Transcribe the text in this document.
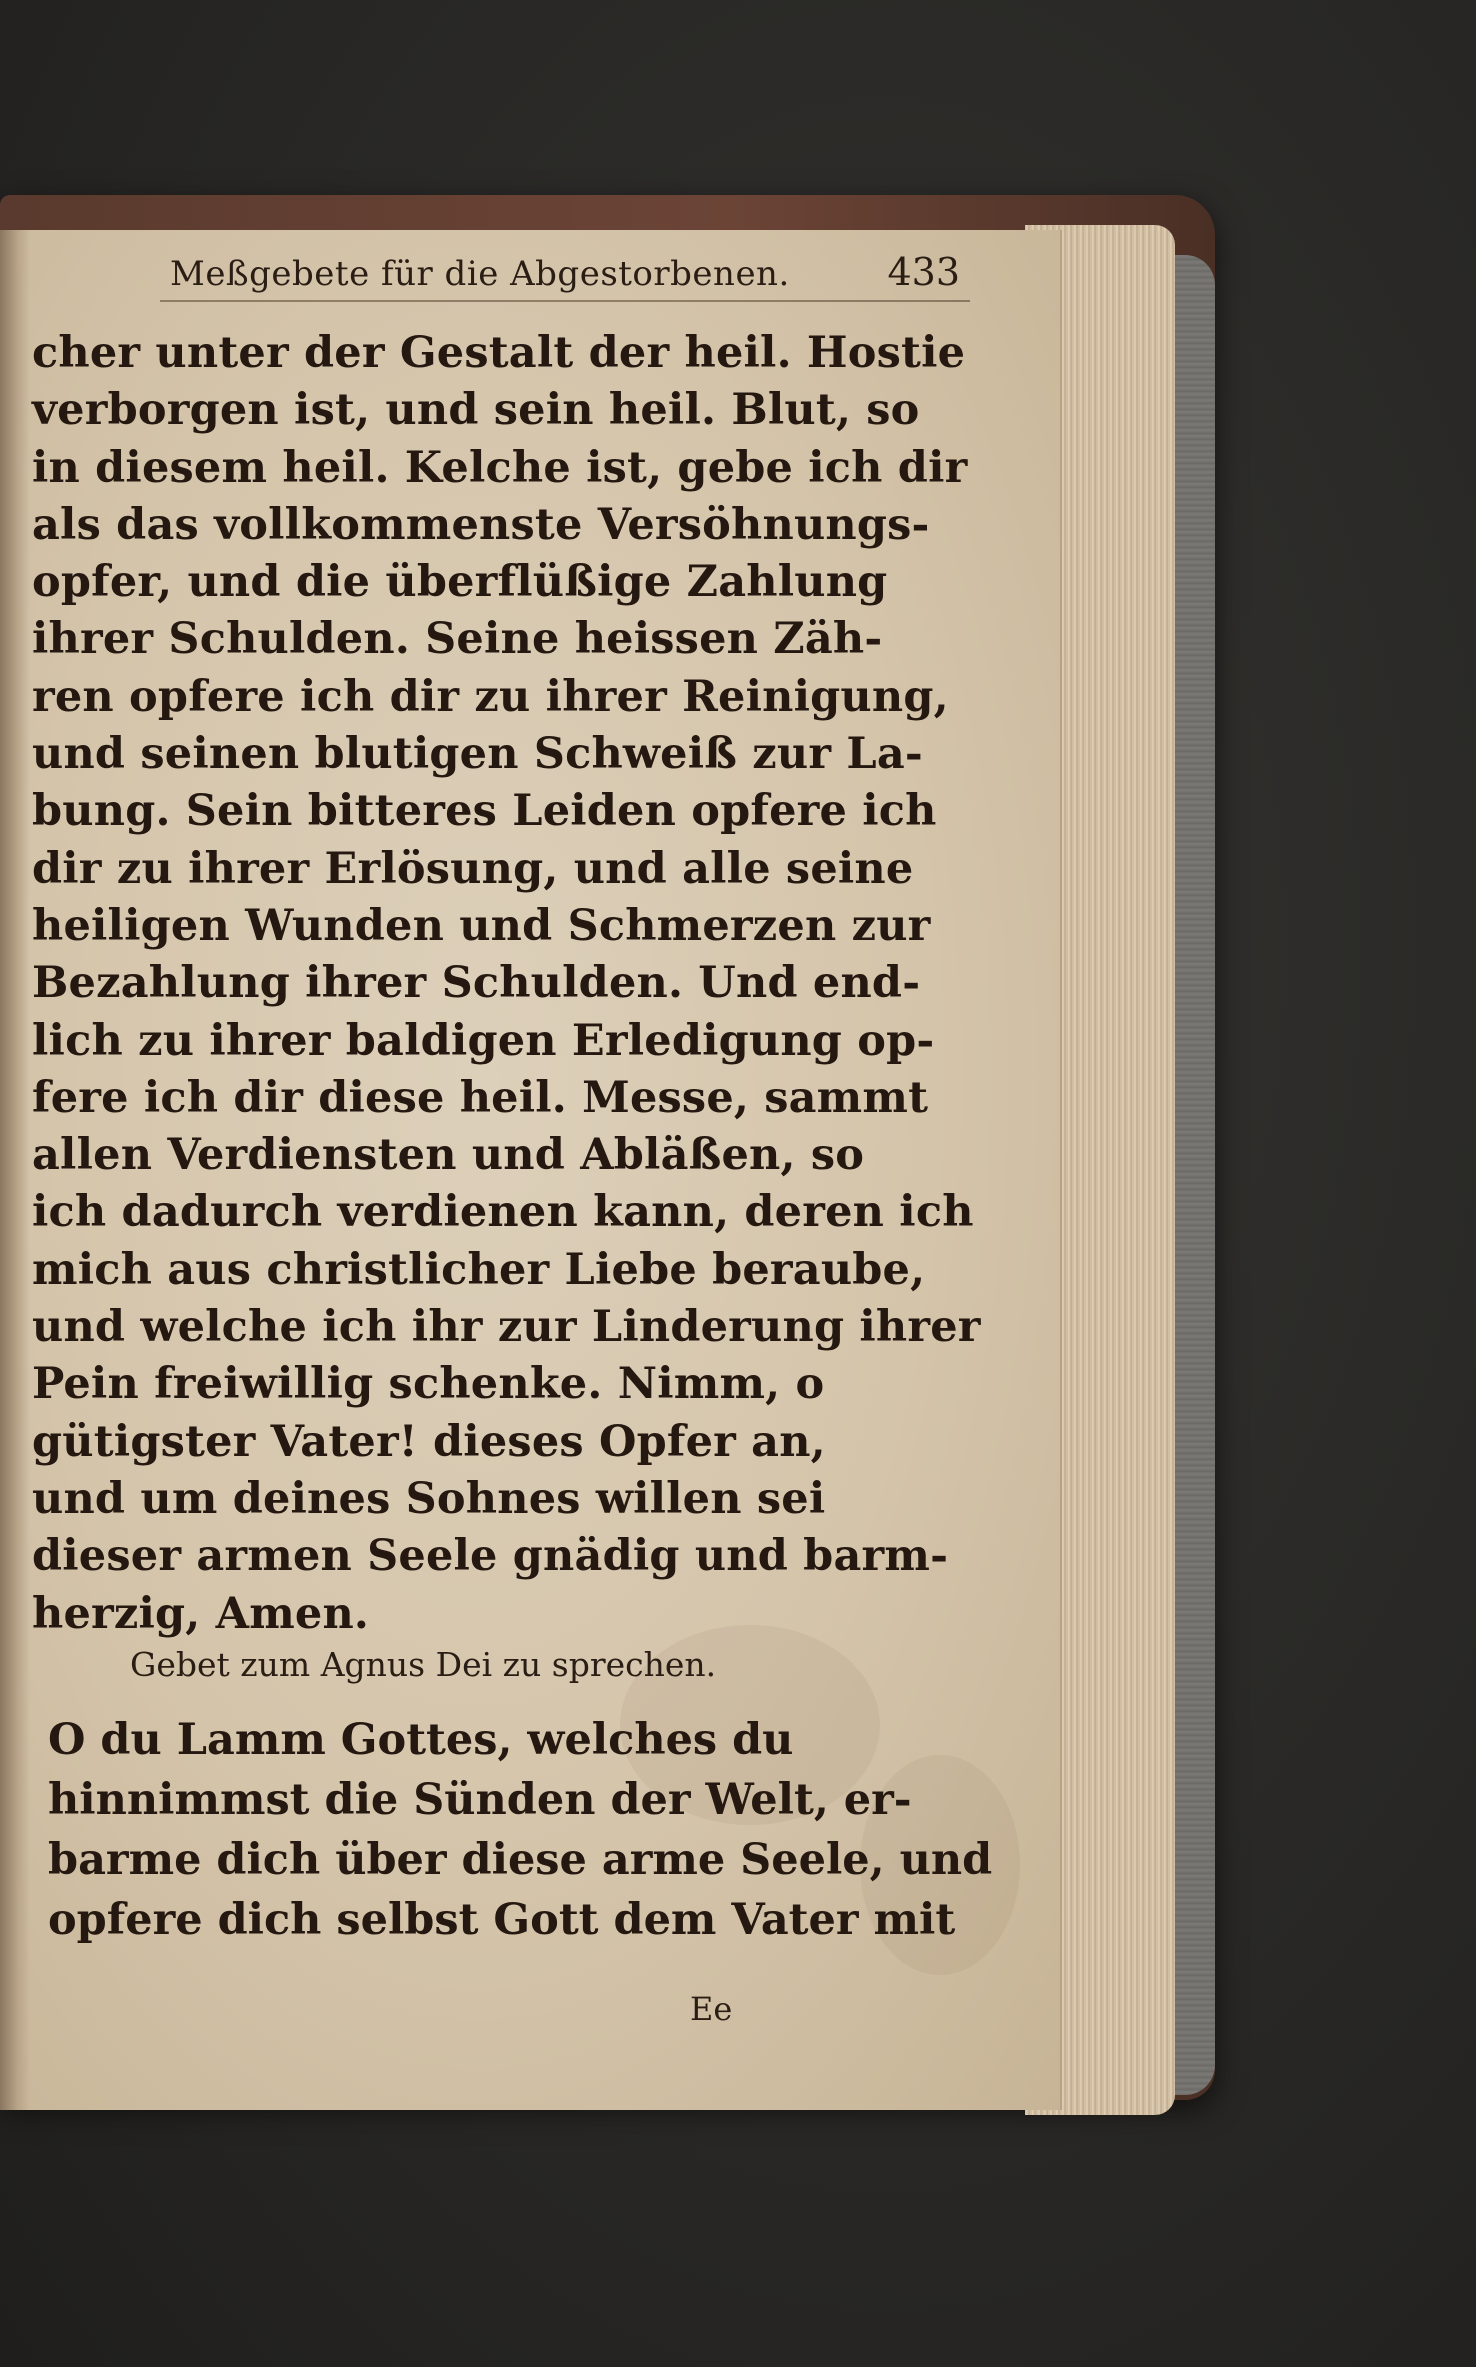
Meßgebete für die Abgestorbenen.	433
cher unter der Gestalt der heil. Hostie
verborgen ist, und sein heil. Blut, so
in diesem heil. Kelche ist, gebe ich dir
als das vollkommenste Versöhnungs-
opfer, und die überflüßige Zahlung
ihrer Schulden. Seine heissen Zäh-
ren opfere ich dir zu ihrer Reinigung,
und seinen blutigen Schweiß zur La-
bung. Sein bitteres Leiden opfere ich
dir zu ihrer Erlösung, und alle seine
heiligen Wunden und Schmerzen zur
Bezahlung ihrer Schulden. Und end-
lich zu ihrer baldigen Erledigung op-
fere ich dir diese heil. Messe, sammt
allen Verdiensten und Abläßen, so
ich dadurch verdienen kann, deren ich
mich aus christlicher Liebe beraube,
und welche ich ihr zur Linderung ihrer
Pein freiwillig schenke. Nimm, o
gütigster Vater! dieses Opfer an,
und um deines Sohnes willen sei
dieser armen Seele gnädig und barm-
herzig, Amen.
Gebet zum Agnus Dei zu sprechen.
O du Lamm Gottes, welches du
hinnimmst die Sünden der Welt, er-
barme dich über diese arme Seele, und
opfere dich selbst Gott dem Vater mit
Ee
